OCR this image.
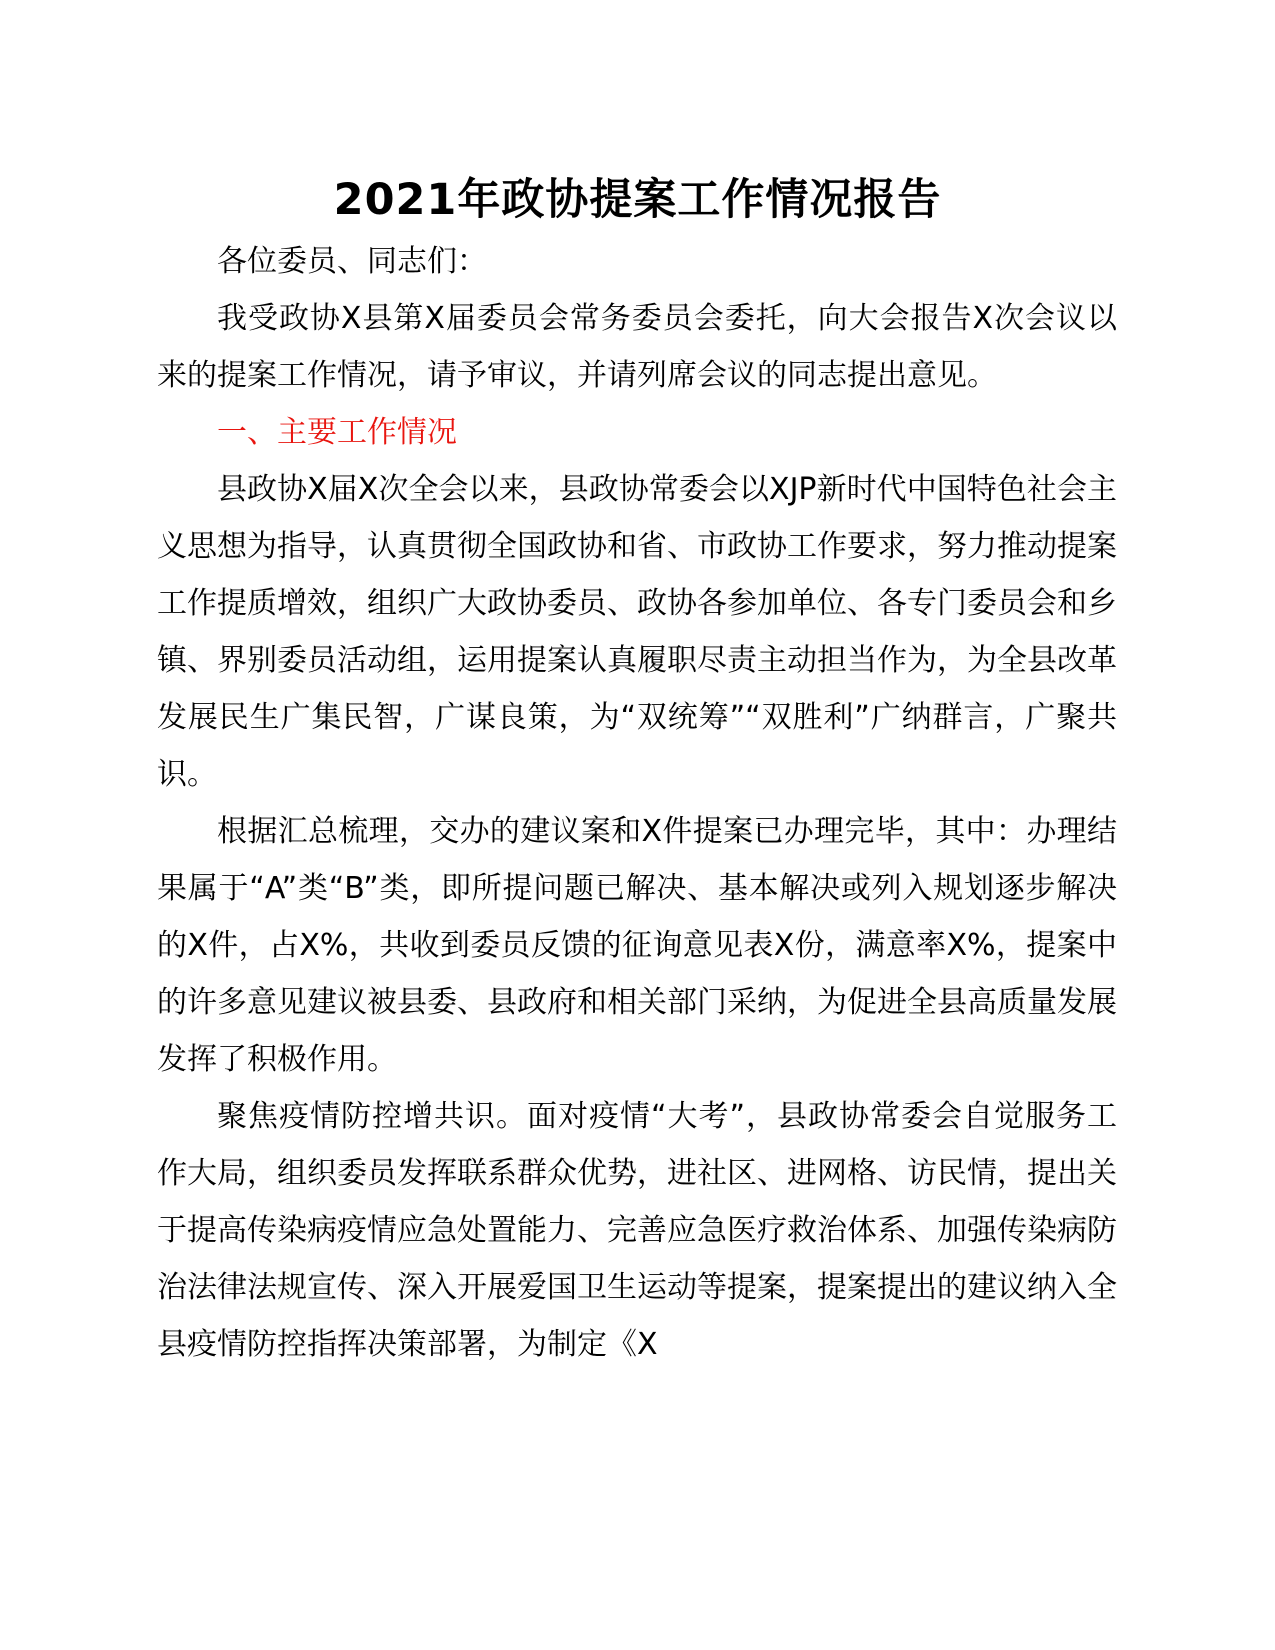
2021年政协提案工作情况报告

各位委员、同志们：

我受政协X县第X届委员会常务委员会委托，向大会报告X次会议以来的提案工作情况，请予审议，并请列席会议的同志提出意见。

一、主要工作情况

县政协X届X次全会以来，县政协常委会以XJP新时代中国特色社会主义思想为指导，认真贯彻全国政协和省、市政协工作要求，努力推动提案工作提质增效，组织广大政协委员、政协各参加单位、各专门委员会和乡镇、界别委员活动组，运用提案认真履职尽责主动担当作为，为全县改革发展民生广集民智，广谋良策，为“双统筹”“双胜利”广纳群言，广聚共识。

根据汇总梳理，交办的建议案和X件提案已办理完毕，其中：办理结果属于“A”类“B”类，即所提问题已解决、基本解决或列入规划逐步解决的X件，占X%，共收到委员反馈的征询意见表X份，满意率X%，提案中的许多意见建议被县委、县政府和相关部门采纳，为促进全县高质量发展发挥了积极作用。

聚焦疫情防控增共识。面对疫情“大考”，县政协常委会自觉服务工作大局，组织委员发挥联系群众优势，进社区、进网格、访民情，提出关于提高传染病疫情应急处置能力、完善应急医疗救治体系、加强传染病防治法律法规宣传、深入开展爱国卫生运动等提案，提案提出的建议纳入全县疫情防控指挥决策部署，为制定《X
